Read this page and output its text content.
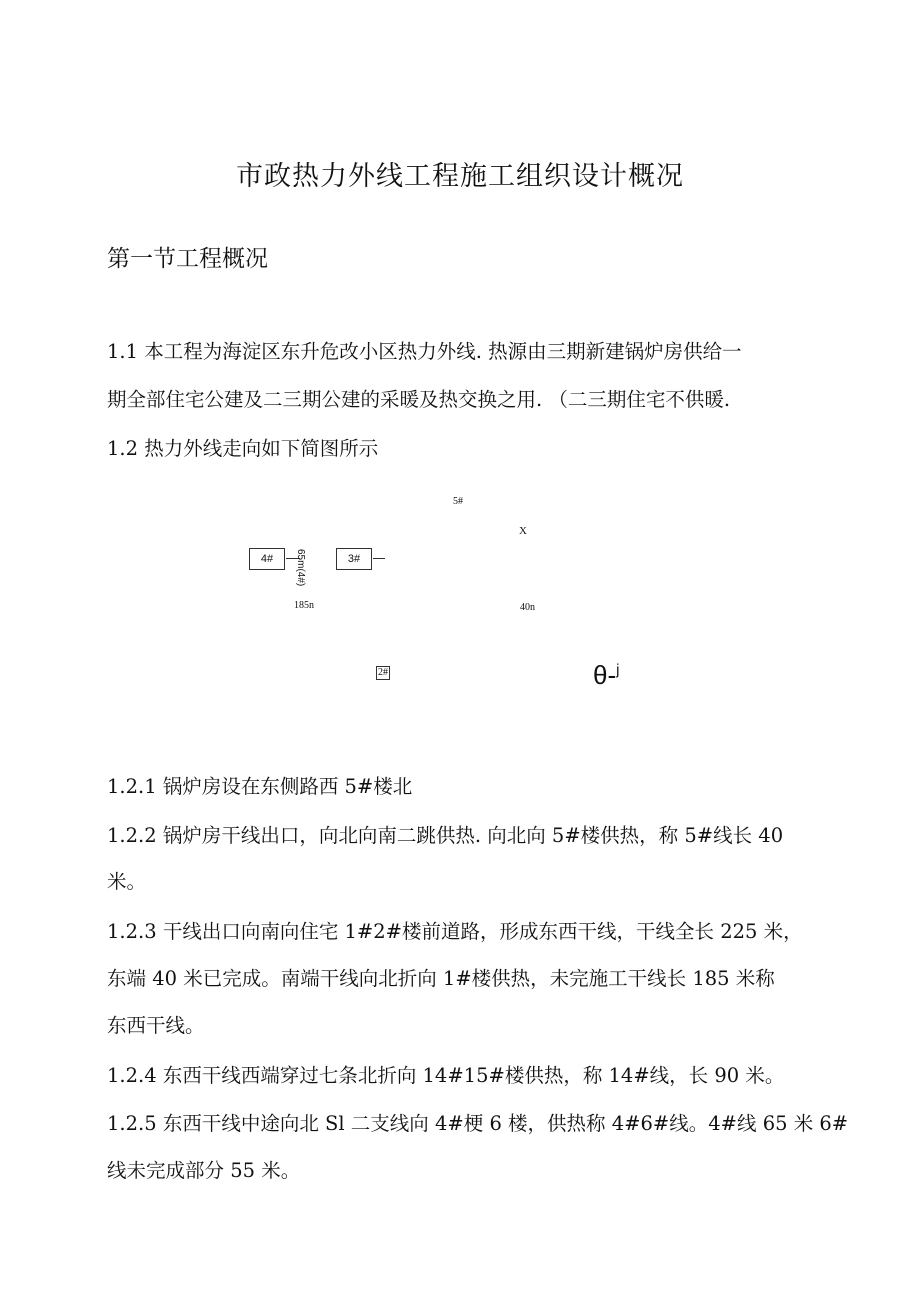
市政热力外线工程施工组织设计概况
第一节工程概况
1.1 本工程为海淀区东升危改小区热力外线. 热源由三期新建锅炉房供给一
期全部住宅公建及二三期公建的采暖及热交换之用. （二三期住宅不供暖.
1.2 热力外线走向如下简图所示
5#
X
4#	65m(4#)	3#
185n	40n
2#	θ-$^j$
1.2.1 锅炉房设在东侧路西 5#楼北
1.2.2 锅炉房干线出口，向北向南二跳供热. 向北向 5#楼供热，称 5#线长 40
米。
1.2.3 干线出口向南向住宅 1#2#楼前道路，形成东西干线，干线全长 225 米，
东端 40 米已完成。南端干线向北折向 1#楼供热，未完施工干线长 185 米称
东西干线。
1.2.4 东西干线西端穿过七条北折向 14#15#楼供热，称 14#线，长 90 米。
1.2.5 东西干线中途向北 Sl 二支线向 4#梗 6 楼，供热称 4#6#线。4#线 65 米 6#
线未完成部分 55 米。
